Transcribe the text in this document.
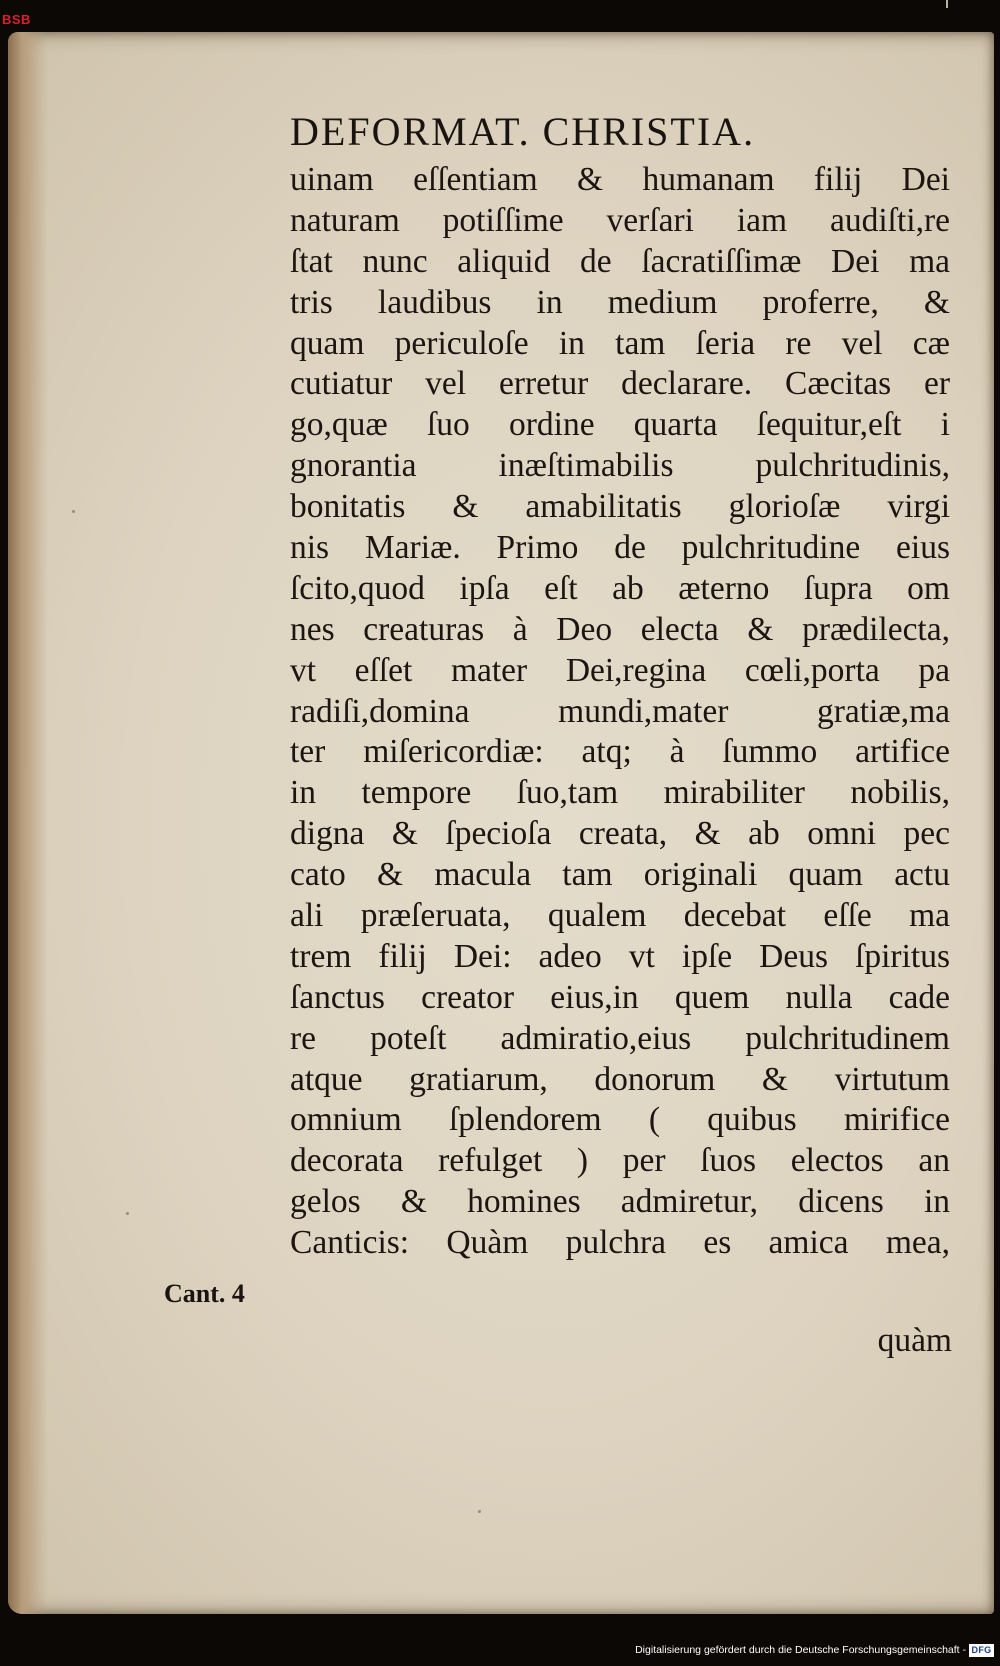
BSB
DEFORMAT. CHRISTIA.
uinam eſſentiam & humanam filij Dei
naturam potiſſime verſari iam audiſti,re
ſtat nunc aliquid de ſacratiſſimæ Dei ma
tris laudibus in medium proferre, &
quam periculoſe in tam ſeria re vel cæ
cutiatur vel erretur declarare. Cæcitas er
go,quæ ſuo ordine quarta ſequitur,eſt i
gnorantia inæſtimabilis pulchritudinis,
bonitatis & amabilitatis glorioſæ virgi
nis Mariæ. Primo de pulchritudine eius
ſcito,quod ipſa eſt ab æterno ſupra om
nes creaturas à Deo electa & prædilecta,
vt eſſet mater Dei,regina cœli,porta pa
radiſi,domina mundi,mater gratiæ,ma
ter miſericordiæ: atq; à ſummo artifice
in tempore ſuo,tam mirabiliter nobilis,
digna & ſpecioſa creata, & ab omni pec
cato & macula tam originali quam actu
ali præſeruata, qualem decebat eſſe ma
trem filij Dei: adeo vt ipſe Deus ſpiritus
ſanctus creator eius,in quem nulla cade
re poteſt admiratio,eius pulchritudinem
atque gratiarum, donorum & virtutum
omnium ſplendorem ( quibus mirifice
decorata refulget ) per ſuos electos an
gelos & homines admiretur, dicens in
Canticis: Quàm pulchra es amica mea,
Cant. 4
quàm
Digitalisierung gefördert durch die Deutsche Forschungsgemeinschaft - DFG
